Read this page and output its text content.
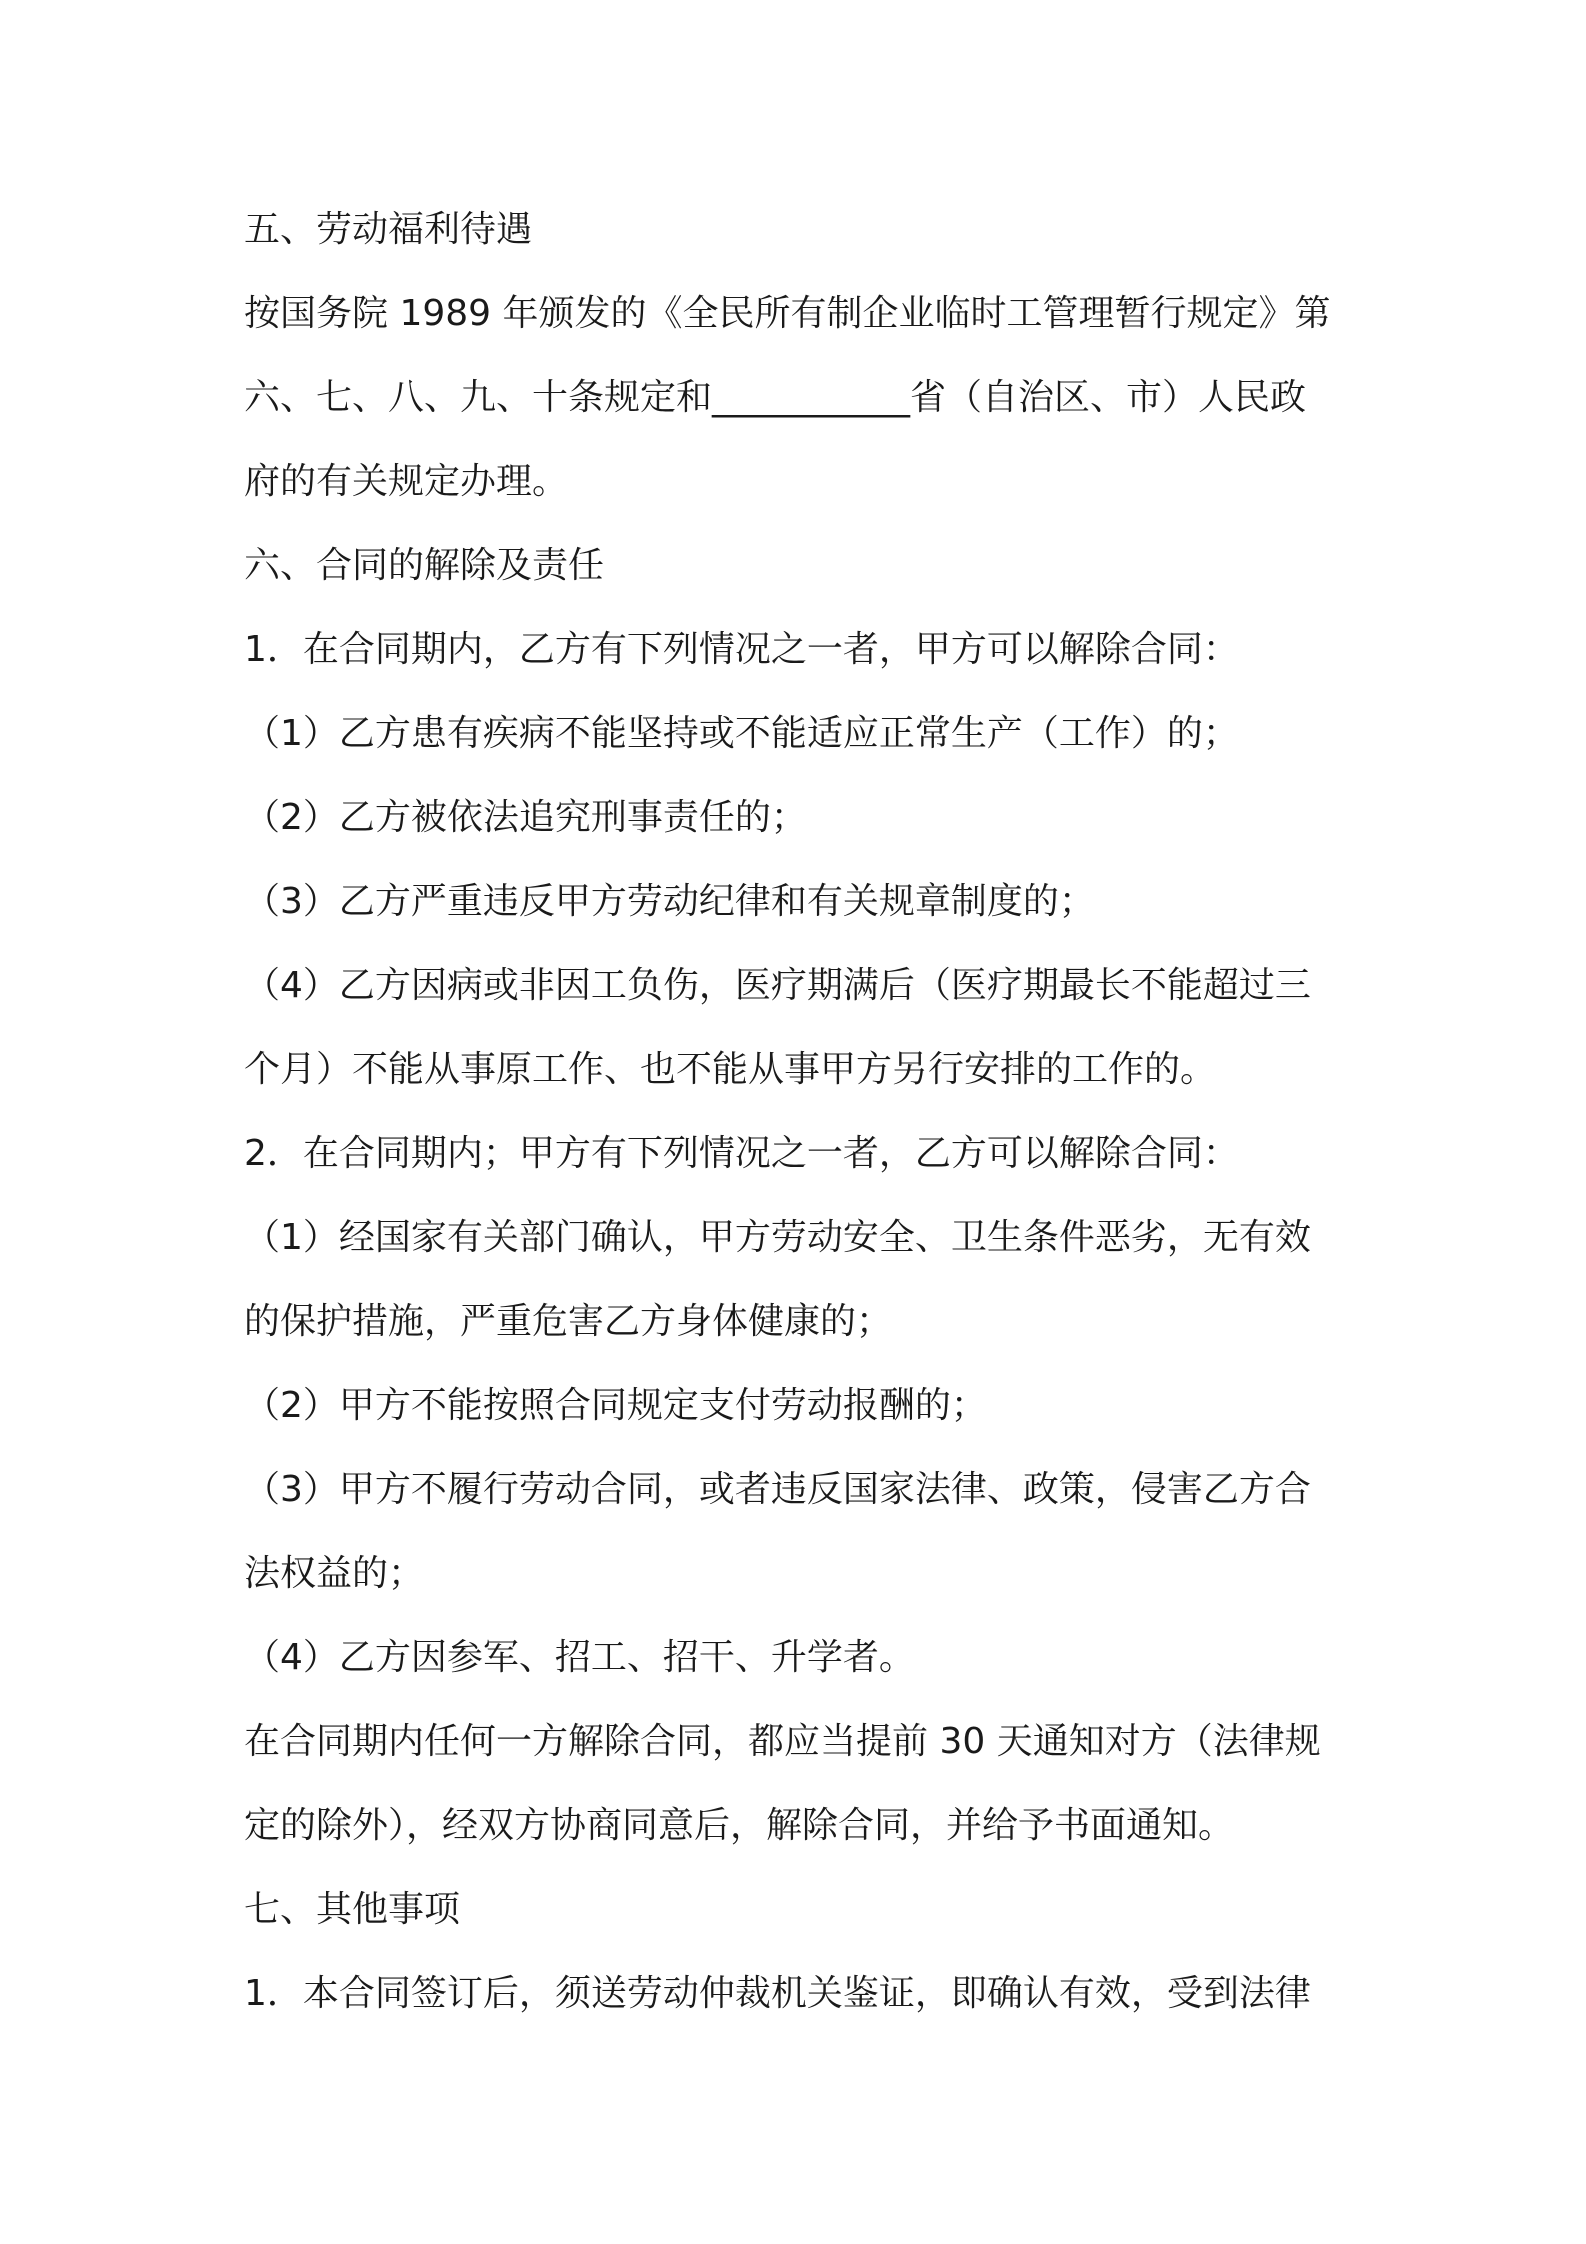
五、劳动福利待遇
按国务院 1989 年颁发的《全民所有制企业临时工管理暂行规定》第
六、七、八、九、十条规定和___________省（自治区、市）人民政
府的有关规定办理。
六、合同的解除及责任
1．在合同期内，乙方有下列情况之一者，甲方可以解除合同：
（1）乙方患有疾病不能坚持或不能适应正常生产（工作）的；
（2）乙方被依法追究刑事责任的；
（3）乙方严重违反甲方劳动纪律和有关规章制度的；
（4）乙方因病或非因工负伤，医疗期满后（医疗期最长不能超过三
个月）不能从事原工作、也不能从事甲方另行安排的工作的。
2．在合同期内；甲方有下列情况之一者，乙方可以解除合同：
（1）经国家有关部门确认，甲方劳动安全、卫生条件恶劣，无有效
的保护措施，严重危害乙方身体健康的；
（2）甲方不能按照合同规定支付劳动报酬的；
（3）甲方不履行劳动合同，或者违反国家法律、政策，侵害乙方合
法权益的；
（4）乙方因参军、招工、招干、升学者。
在合同期内任何一方解除合同，都应当提前 30 天通知对方（法律规
定的除外），经双方协商同意后，解除合同，并给予书面通知。
七、其他事项
1．本合同签订后，须送劳动仲裁机关鉴证，即确认有效，受到法律
